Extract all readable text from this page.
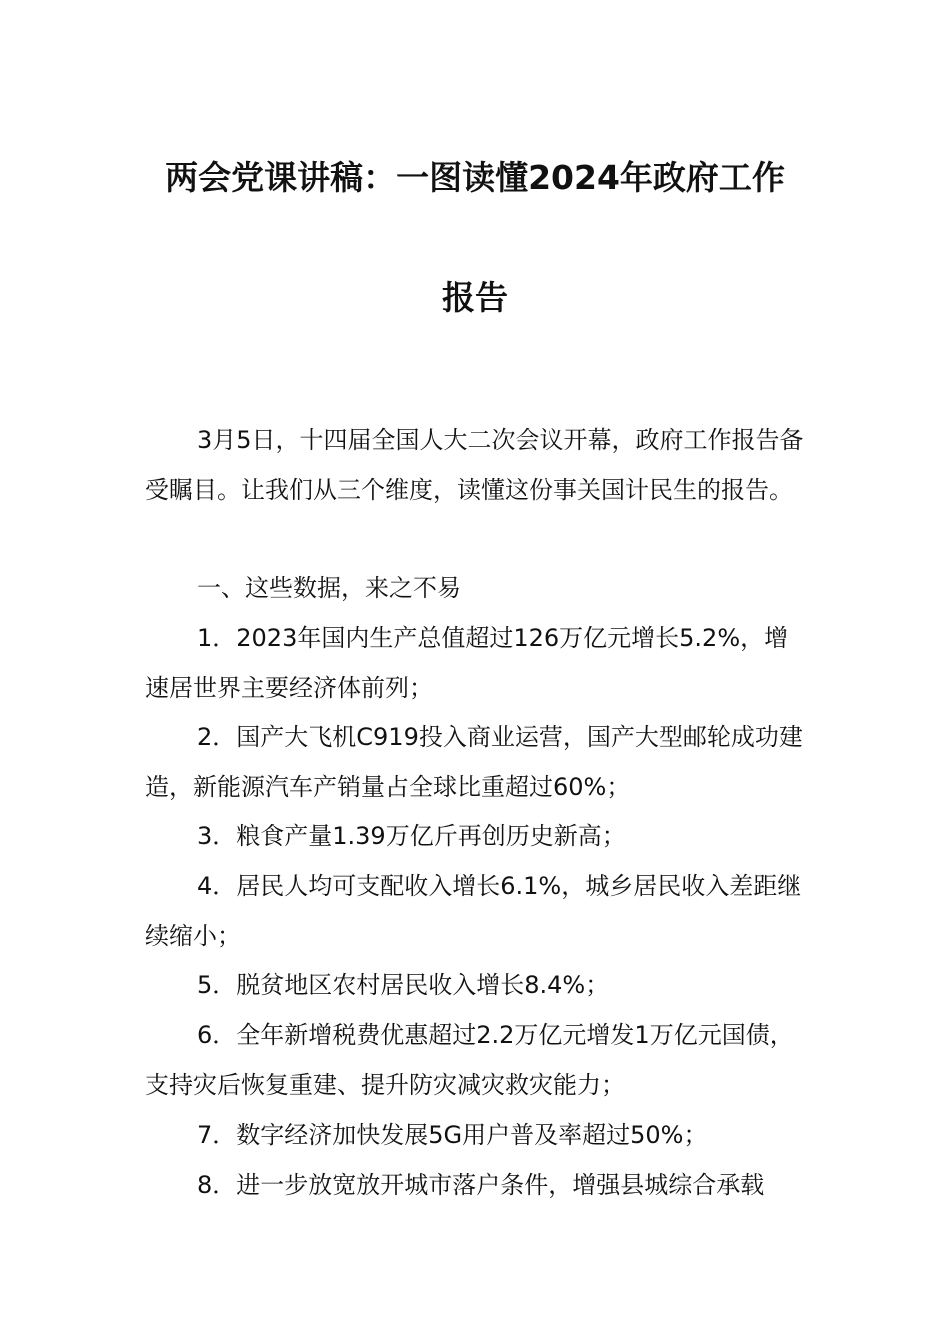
两会党课讲稿：一图读懂2024年政府工作
报告

3月5日，十四届全国人大二次会议开幕，政府工作报告备受瞩目。让我们从三个维度，读懂这份事关国计民生的报告。

一、这些数据，来之不易

1．2023年国内生产总值超过126万亿元增长5.2%，增速居世界主要经济体前列；

2．国产大飞机C919投入商业运营，国产大型邮轮成功建造，新能源汽车产销量占全球比重超过60%；

3．粮食产量1.39万亿斤再创历史新高；

4．居民人均可支配收入增长6.1%，城乡居民收入差距继续缩小；

5．脱贫地区农村居民收入增长8.4%；

6．全年新增税费优惠超过2.2万亿元增发1万亿元国债，支持灾后恢复重建、提升防灾减灾救灾能力；

7．数字经济加快发展5G用户普及率超过50%；

8．进一步放宽放开城市落户条件，增强县城综合承载
